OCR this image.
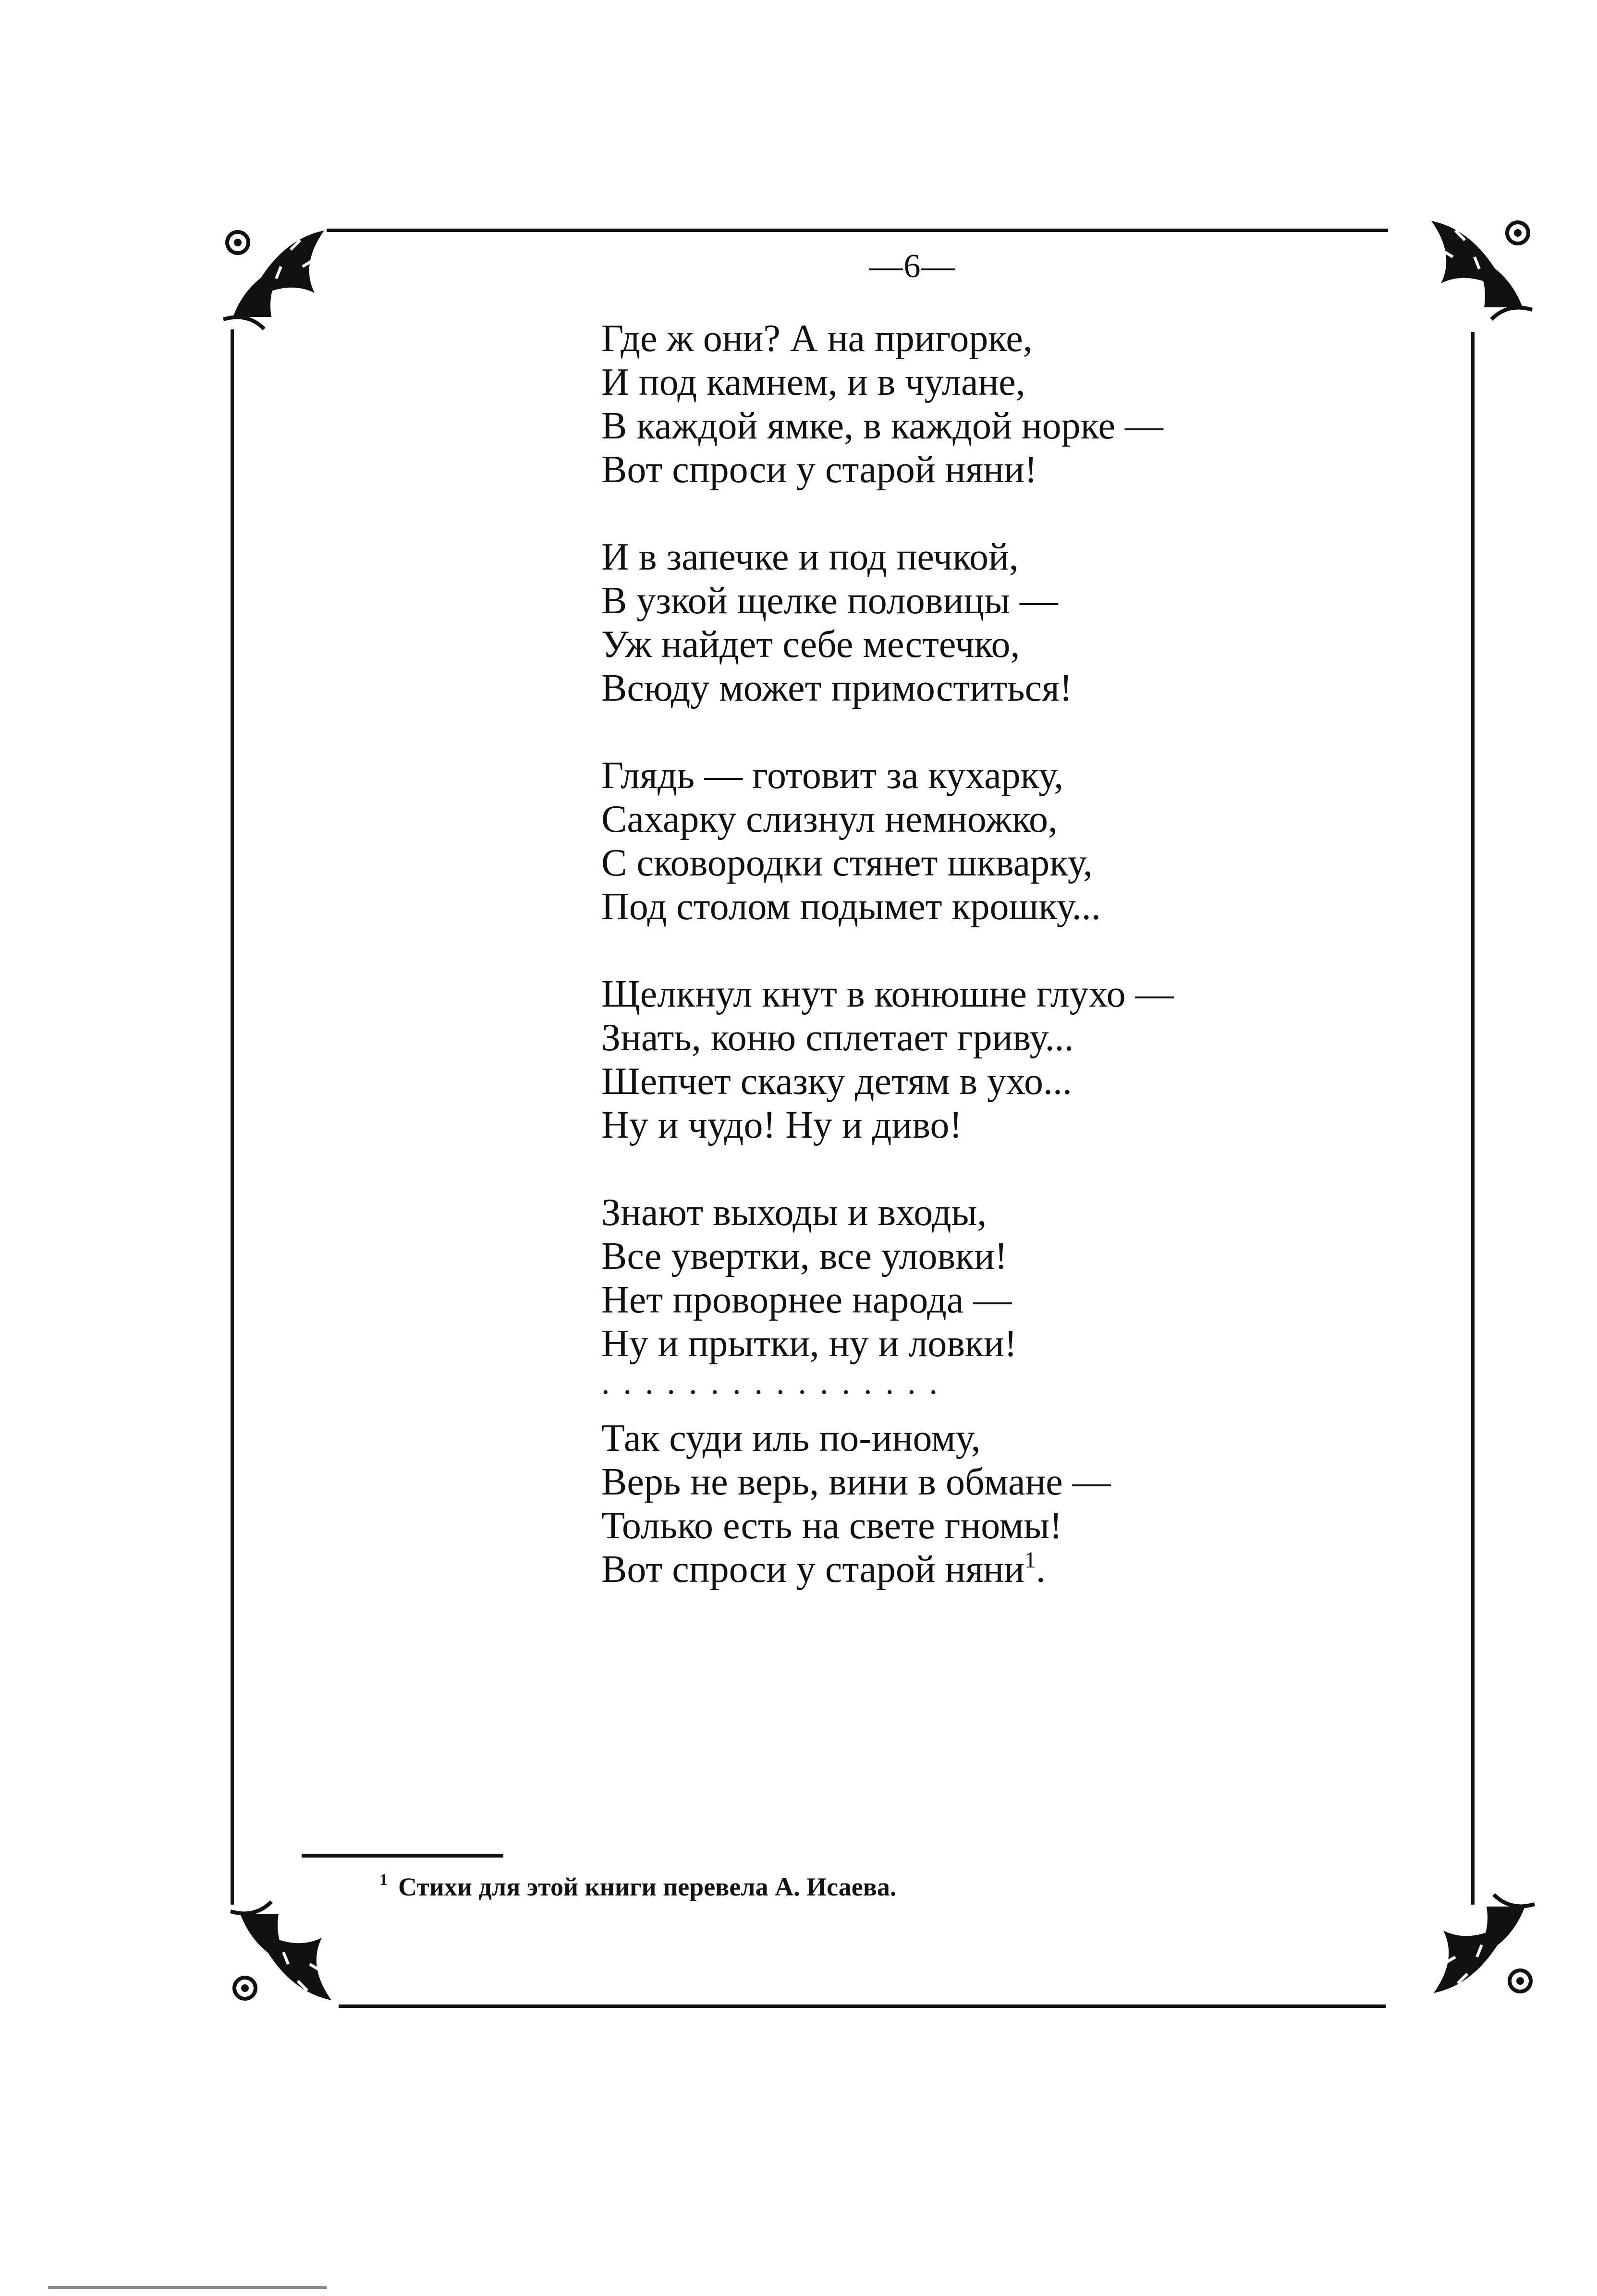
—6—
Где ж они? А на пригорке,
И под камнем, и в чулане,
В каждой ямке, в каждой норке —
Вот спроси у старой няни!
И в запечке и под печкой,
В узкой щелке половицы —
Уж найдет себе местечко,
Всюду может примоститься!
Глядь — готовит за кухарку,
Сахарку слизнул немножко,
С сковородки стянет шкварку,
Под столом подымет крошку...
Щелкнул кнут в конюшне глухо —
Знать, коню сплетает гриву...
Шепчет сказку детям в ухо...
Ну и чудо! Ну и диво!
Знают выходы и входы,
Все увертки, все уловки!
Нет проворнее народа —
Ну и прытки, ну и ловки!
................
Так суди иль по-иному,
Верь не верь, вини в обмане —
Только есть на свете гномы!
Вот спроси у старой няни$^1$.
$^1$ Стихи для этой книги перевела А. Исаева.
